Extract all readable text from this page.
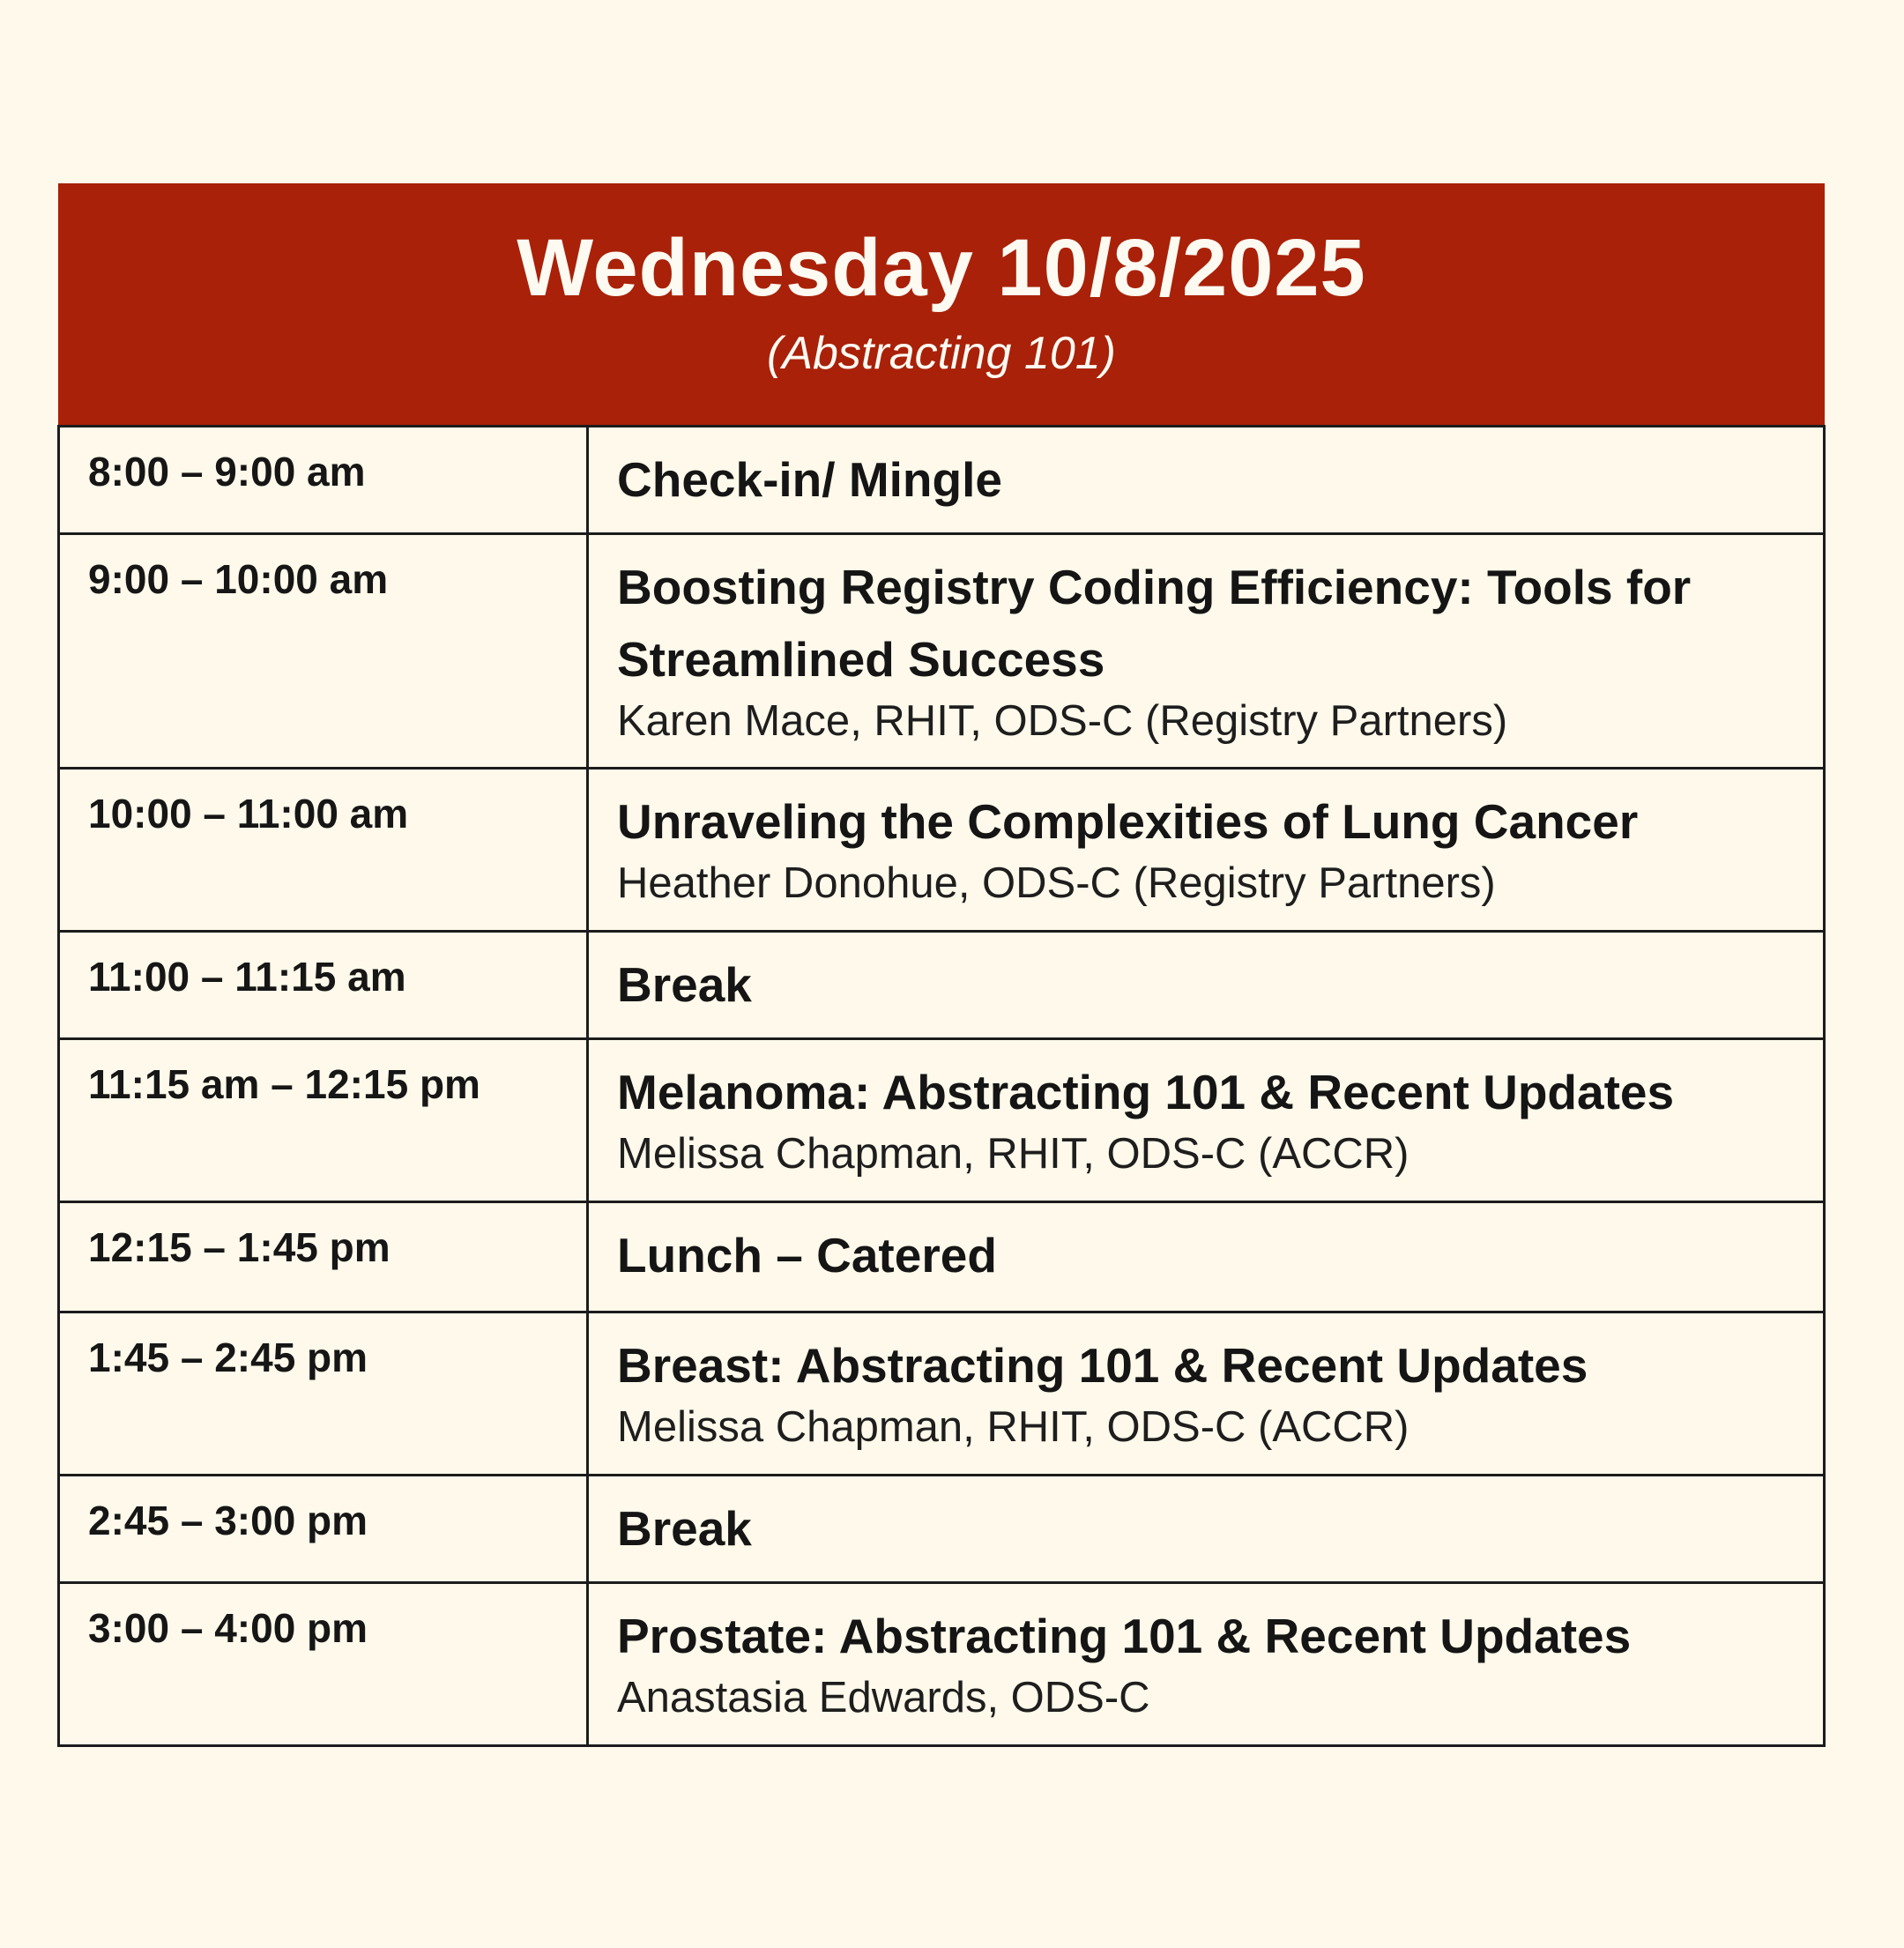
Wednesday 10/8/2025
(Abstracting 101)
8:00 – 9:00 am	Check-in/ Mingle

9:00 – 10:00 am	Boosting Registry Coding Efficiency: Tools for Streamlined Success
Karen Mace, RHIT, ODS-C (Registry Partners)

10:00 – 11:00 am	Unraveling the Complexities of Lung Cancer
Heather Donohue, ODS-C (Registry Partners)

11:00 – 11:15 am	Break

11:15 am – 12:15 pm	Melanoma: Abstracting 101 & Recent Updates
Melissa Chapman, RHIT, ODS-C (ACCR)

12:15 – 1:45 pm	Lunch – Catered

1:45 – 2:45 pm	Breast: Abstracting 101 & Recent Updates
Melissa Chapman, RHIT, ODS-C (ACCR)

2:45 – 3:00 pm	Break

3:00 – 4:00 pm	Prostate: Abstracting 101 & Recent Updates
Anastasia Edwards, ODS-C
